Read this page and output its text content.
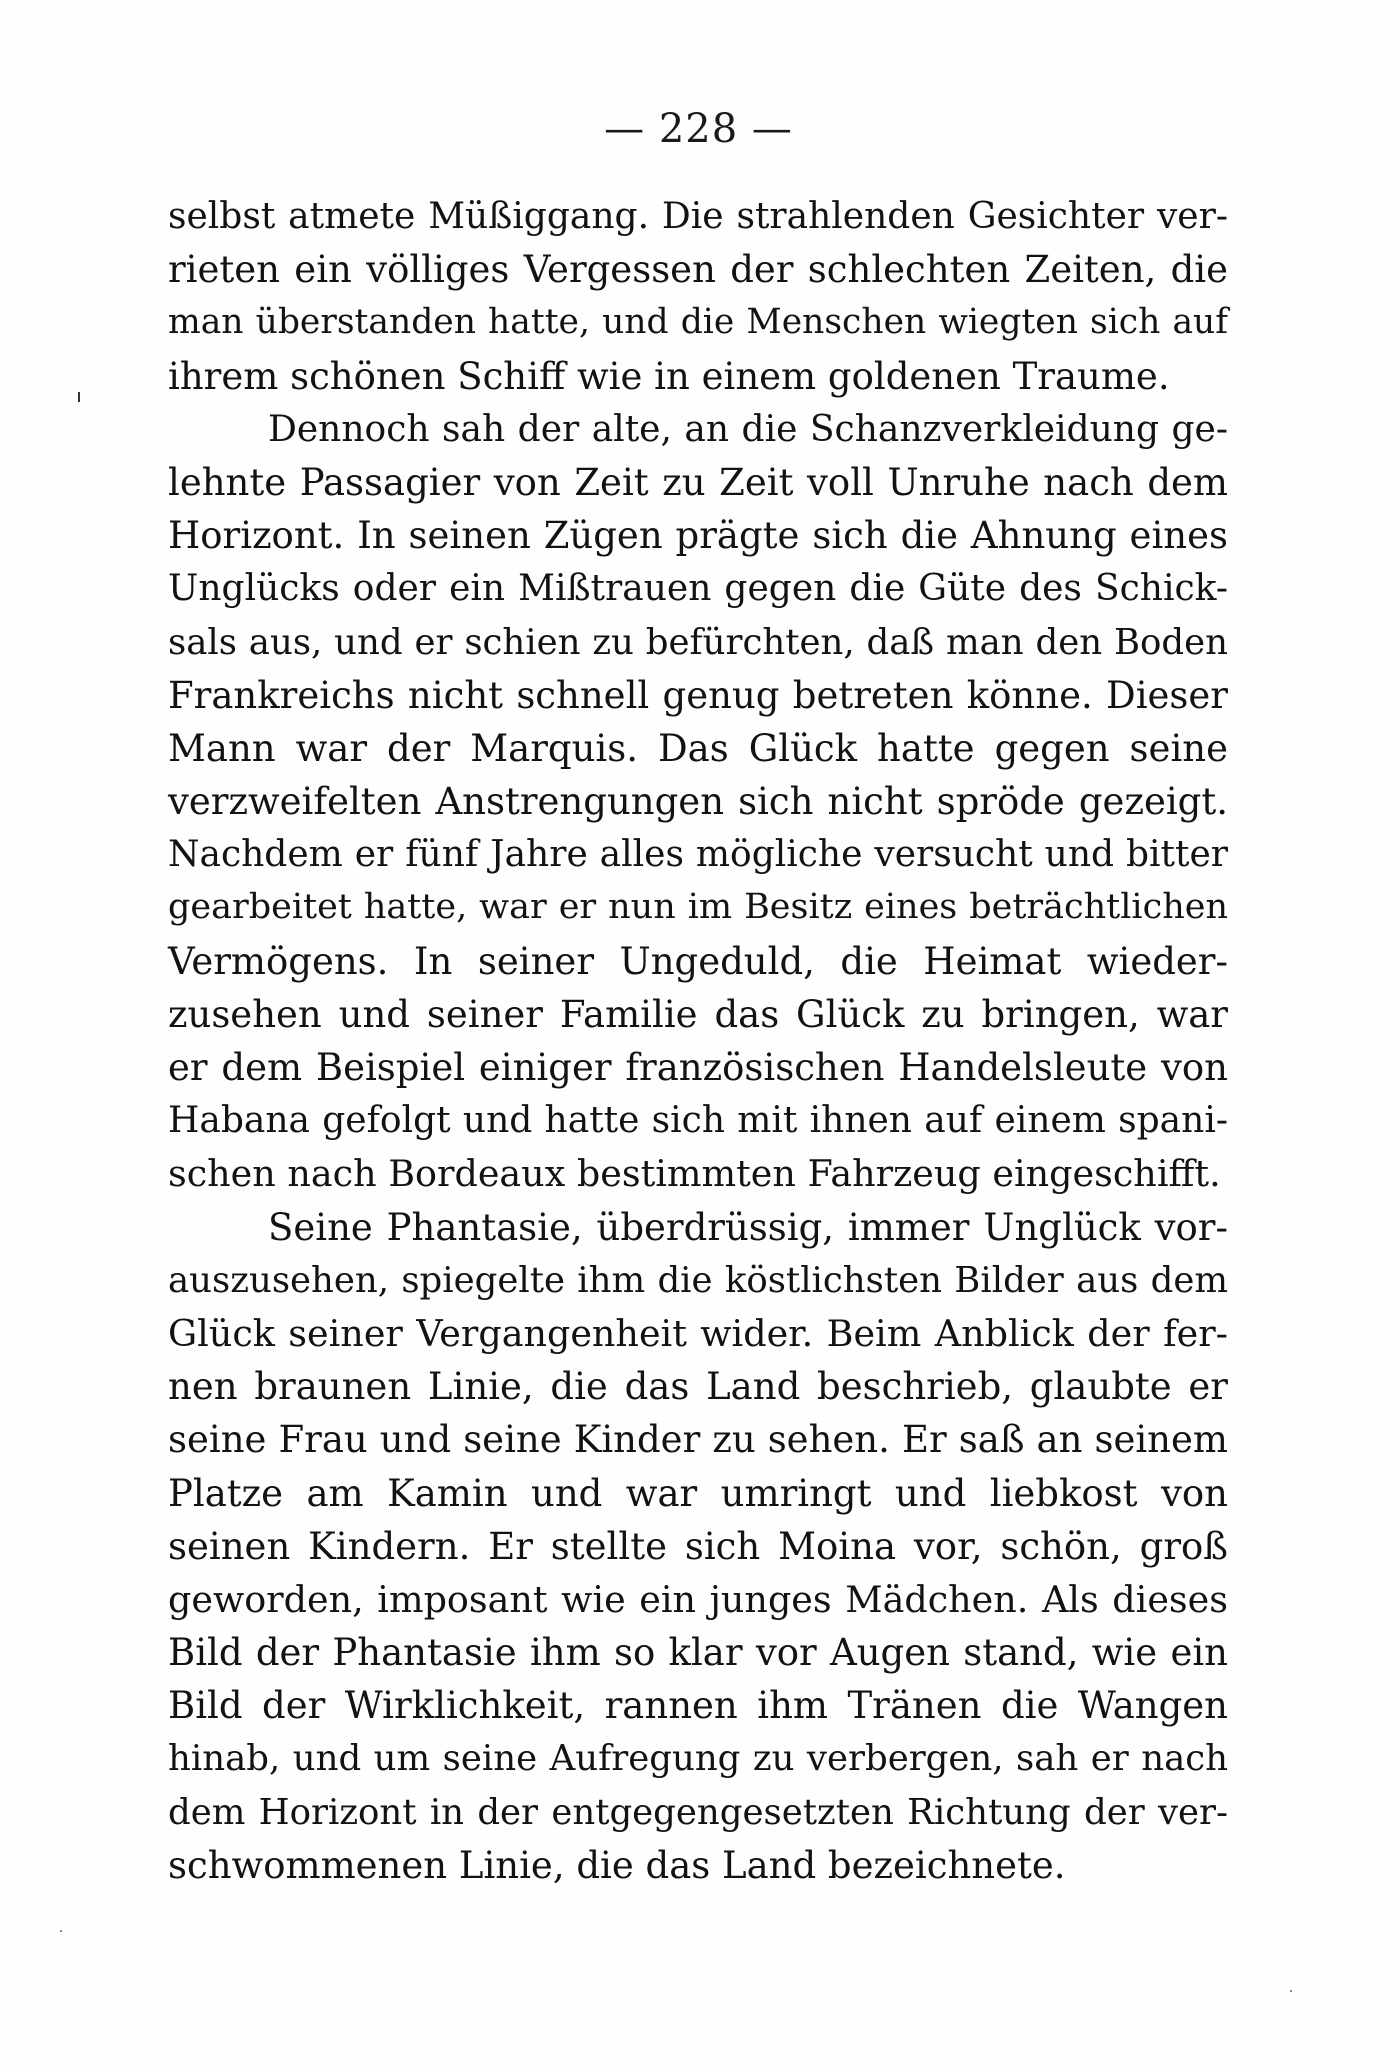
— 228 —
selbst atmete Müßiggang. Die strahlenden Gesichter ver-
rieten ein völliges Vergessen der schlechten Zeiten, die
man überstanden hatte, und die Menschen wiegten sich auf
ihrem schönen Schiff wie in einem goldenen Traume.
Dennoch sah der alte, an die Schanzverkleidung ge-
lehnte Passagier von Zeit zu Zeit voll Unruhe nach dem
Horizont. In seinen Zügen prägte sich die Ahnung eines
Unglücks oder ein Mißtrauen gegen die Güte des Schick-
sals aus, und er schien zu befürchten, daß man den Boden
Frankreichs nicht schnell genug betreten könne. Dieser
Mann war der Marquis. Das Glück hatte gegen seine
verzweifelten Anstrengungen sich nicht spröde gezeigt.
Nachdem er fünf Jahre alles mögliche versucht und bitter
gearbeitet hatte, war er nun im Besitz eines beträchtlichen
Vermögens. In seiner Ungeduld, die Heimat wieder-
zusehen und seiner Familie das Glück zu bringen, war
er dem Beispiel einiger französischen Handelsleute von
Habana gefolgt und hatte sich mit ihnen auf einem spani-
schen nach Bordeaux bestimmten Fahrzeug eingeschifft.
Seine Phantasie, überdrüssig, immer Unglück vor-
auszusehen, spiegelte ihm die köstlichsten Bilder aus dem
Glück seiner Vergangenheit wider. Beim Anblick der fer-
nen braunen Linie, die das Land beschrieb, glaubte er
seine Frau und seine Kinder zu sehen. Er saß an seinem
Platze am Kamin und war umringt und liebkost von
seinen Kindern. Er stellte sich Moina vor, schön, groß
geworden, imposant wie ein junges Mädchen. Als dieses
Bild der Phantasie ihm so klar vor Augen stand, wie ein
Bild der Wirklichkeit, rannen ihm Tränen die Wangen
hinab, und um seine Aufregung zu verbergen, sah er nach
dem Horizont in der entgegengesetzten Richtung der ver-
schwommenen Linie, die das Land bezeichnete.
